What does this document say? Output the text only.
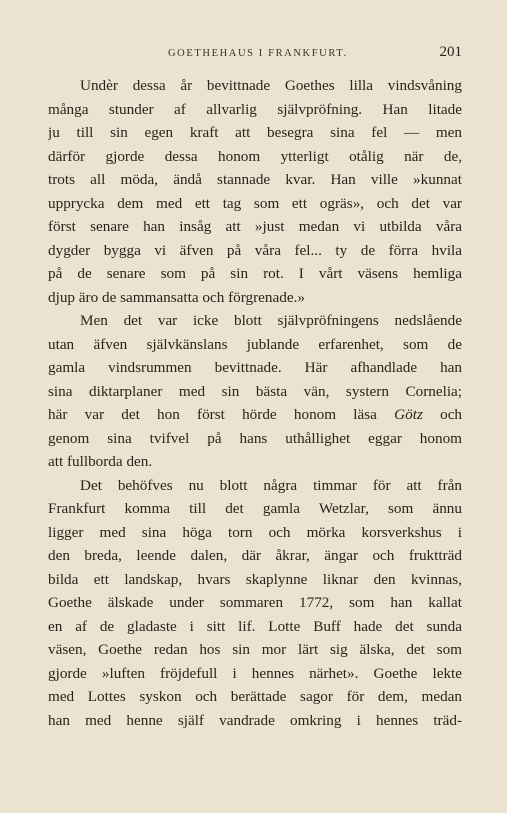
GOETHEHAUS I FRANKFURT.	201
Undèr dessa år bevittnade Goethes lilla vindsvåning
många stunder af allvarlig självpröfning. Han litade
ju till sin egen kraft att besegra sina fel — men
därför gjorde dessa honom ytterligt otålig när de,
trots all möda, ändå stannade kvar. Han ville »kunnat
upprycka dem med ett tag som ett ogräs», och det var
först senare han insåg att »just medan vi utbilda våra
dygder bygga vi äfven på våra fel... ty de förra hvila
på de senare som på sin rot. I vårt väsens hemliga
djup äro de sammansatta och förgrenade.»
Men det var icke blott självpröfningens nedslående
utan äfven självkänslans jublande erfarenhet, som de
gamla vindsrummen bevittnade. Här afhandlade han
sina diktarplaner med sin bästa vän, systern Cornelia;
här var det hon först hörde honom läsa Götz och
genom sina tvifvel på hans uthållighet eggar honom
att fullborda den.
Det behöfves nu blott några timmar för att från
Frankfurt komma till det gamla Wetzlar, som ännu
ligger med sina höga torn och mörka korsverkshus i
den breda, leende dalen, där åkrar, ängar och fruktträd
bilda ett landskap, hvars skaplynne liknar den kvinnas,
Goethe älskade under sommaren 1772, som han kallat
en af de gladaste i sitt lif. Lotte Buff hade det sunda
väsen, Goethe redan hos sin mor lärt sig älska, det som
gjorde »luften fröjdefull i hennes närhet». Goethe lekte
med Lottes syskon och berättade sagor för dem, medan
han med henne själf vandrade omkring i hennes träd-
